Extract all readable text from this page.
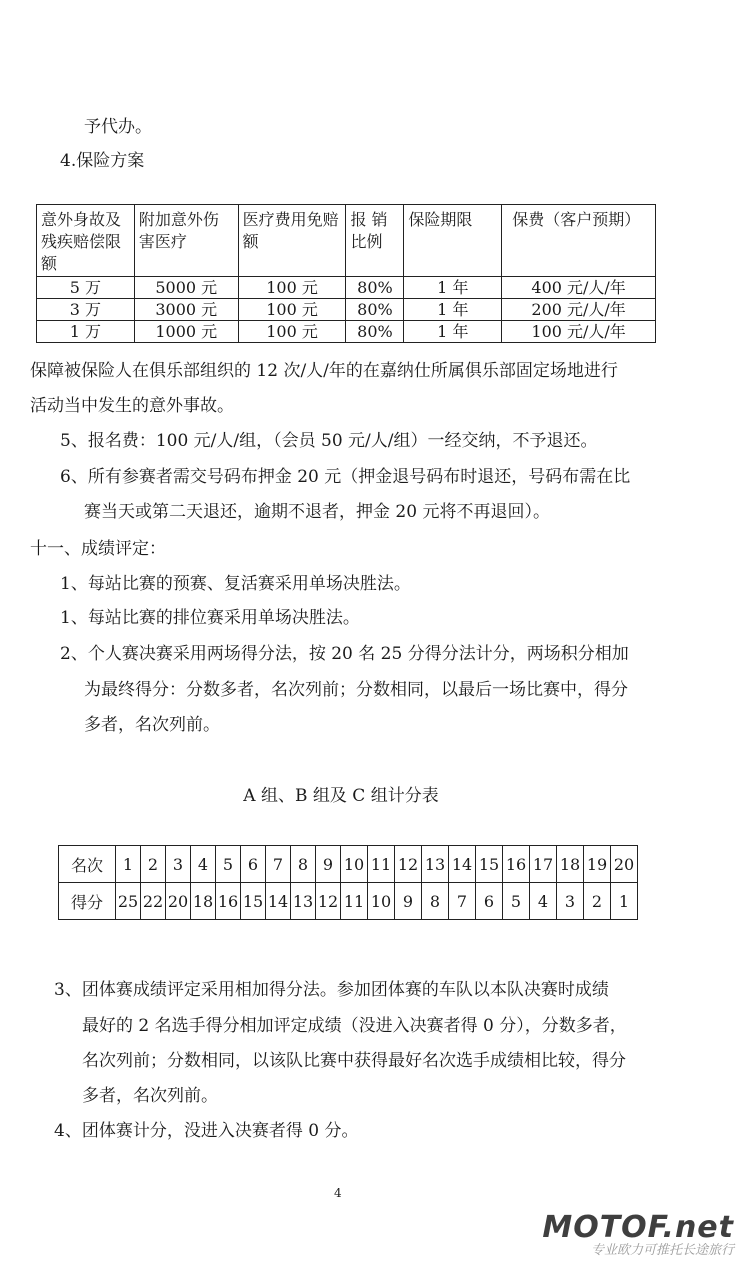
予代办。
4.保险方案
意外身故及残疾赔偿限额	附加意外伤害医疗	医疗费用免赔额	报 销比例	保险期限	保费（客户预期）
5 万	5000 元	100 元	80%	1 年	400 元/人/年
3 万	3000 元	100 元	80%	1 年	200 元/人/年
1 万	1000 元	100 元	80%	1 年	100 元/人/年
保障被保险人在俱乐部组织的 12 次/人/年的在嘉纳仕所属俱乐部固定场地进行
活动当中发生的意外事故。
5、报名费：100 元/人/组，（会员 50 元/人/组）一经交纳，不予退还。
6、所有参赛者需交号码布押金 20 元（押金退号码布时退还，号码布需在比
赛当天或第二天退还，逾期不退者，押金 20 元将不再退回）。
十一、成绩评定：
1、每站比赛的预赛、复活赛采用单场决胜法。
1、每站比赛的排位赛采用单场决胜法。
2、个人赛决赛采用两场得分法，按 20 名 25 分得分法计分，两场积分相加
为最终得分：分数多者，名次列前；分数相同，以最后一场比赛中，得分
多者，名次列前。
A 组、B 组及 C 组计分表
名次	1	2	3	4	5	6	7	8	9	10	11	12	13	14	15	16	17	18	19	20
得分	25	22	20	18	16	15	14	13	12	11	10	9	8	7	6	5	4	3	2	1
3、团体赛成绩评定采用相加得分法。参加团体赛的车队以本队决赛时成绩
最好的 2 名选手得分相加评定成绩（没进入决赛者得 0 分），分数多者，
名次列前；分数相同，以该队比赛中获得最好名次选手成绩相比较，得分
多者，名次列前。
4、团体赛计分，没进入决赛者得 0 分。
4
MOTOF.net
专业欧力可推托长途旅行
